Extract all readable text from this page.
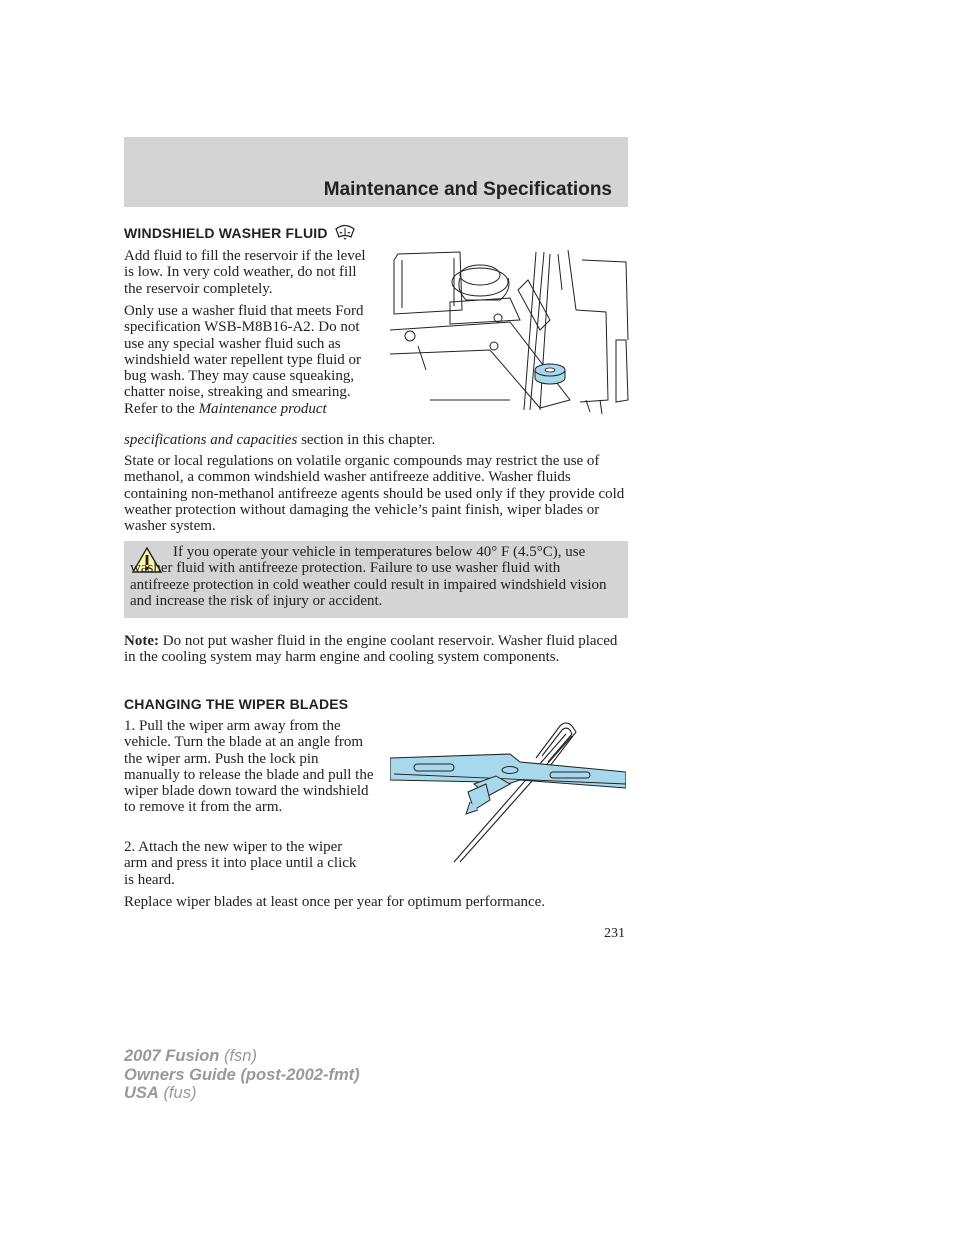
Maintenance and Specifications
WINDSHIELD WASHER FLUID

Add fluid to fill the reservoir if the level is low. In very cold weather, do not fill the reservoir completely.

Only use a washer fluid that meets Ford specification WSB-M8B16-A2. Do not use any special washer fluid such as windshield water repellent type fluid or bug wash. They may cause squeaking, chatter noise, streaking and smearing. Refer to the Maintenance product

specifications and capacities section in this chapter.

State or local regulations on volatile organic compounds may restrict the use of methanol, a common windshield washer antifreeze additive. Washer fluids containing non-methanol antifreeze agents should be used only if they provide cold weather protection without damaging the vehicle’s paint finish, wiper blades or washer system.

If you operate your vehicle in temperatures below 40° F (4.5°C), use washer fluid with antifreeze protection. Failure to use washer fluid with antifreeze protection in cold weather could result in impaired windshield vision and increase the risk of injury or accident.

Note: Do not put washer fluid in the engine coolant reservoir. Washer fluid placed in the cooling system may harm engine and cooling system components.

CHANGING THE WIPER BLADES

1. Pull the wiper arm away from the vehicle. Turn the blade at an angle from the wiper arm. Push the lock pin manually to release the blade and pull the wiper blade down toward the windshield to remove it from the arm.

2. Attach the new wiper to the wiper arm and press it into place until a click is heard.

Replace wiper blades at least once per year for optimum performance.

231
2007 Fusion (fsn)
Owners Guide (post-2002-fmt)
USA (fus)
